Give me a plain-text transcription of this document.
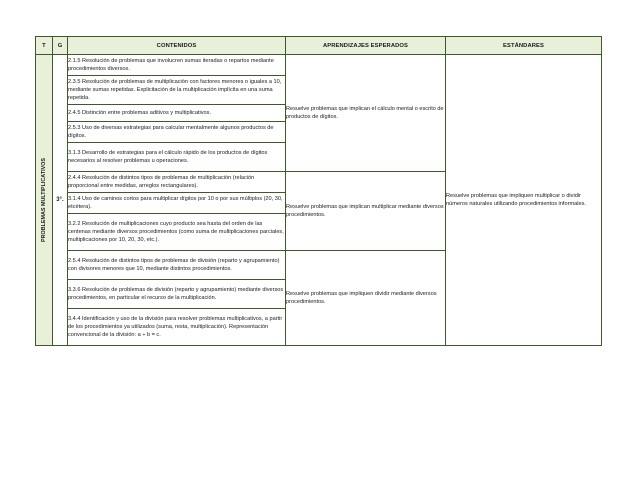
T	G	CONTENIDOS	APRENDIZAJES ESPERADOS	ESTÁNDARES

PROBLEMAS MULTIPLICATIVOS	3°.	2.1.5 Resolución de problemas que involucren sumas iteradas o repartos mediante procedimientos diversos.	Resuelve problemas que implican el cálculo mental o escrito de productos de dígitos.	Resuelve problemas que impliquen multiplicar o dividir números naturales utilizando procedimientos informales.
		2.3.5 Resolución de problemas de multiplicación con factores menores o iguales a 10, mediante sumas repetidas. Explicitación de la multiplicación implícita en una suma repetida.		
		2.4.5 Distinción entre problemas aditivos y multiplicativos.		
		2.5.3 Uso de diversas estrategias para calcular mentalmente algunos productos de dígitos.		
		3.1.3 Desarrollo de estrategias para el cálculo rápido de los productos de dígitos necesarios al resolver problemas u operaciones.		
		2.4.4 Resolución de distintos tipos de problemas de multiplicación (relación proporcional entre medidas, arreglos rectangulares).	Resuelve problemas que implican multiplicar mediante diversos procedimientos.	
		3.1.4 Uso de caminos cortos para multiplicar dígitos por 10 o por sus múltiplos (20, 30, etcétera).		
		3.2.2 Resolución de multiplicaciones cuyo producto sea hasta del orden de las centenas mediante diversos procedimientos (como suma de multiplicaciones parciales, multiplicaciones por 10, 20, 30, etc.).		
		2.5.4 Resolución de distintos tipos de problemas de división (reparto y agrupamiento) con divisores menores que 10, mediante distintos procedimientos.	Resuelve problemas que impliquen dividir mediante diversos procedimientos.	
		3.3.6 Resolución de problemas de división (reparto y agrupamiento) mediante diversos procedimientos, en particular el recurso de la multiplicación.		
		3.4.4 Identificación y uso de la división para resolver problemas multiplicativos, a partir de los procedimientos ya utilizados (suma, resta, multiplicación). Representación convencional de la división: a ÷ b = c.		
